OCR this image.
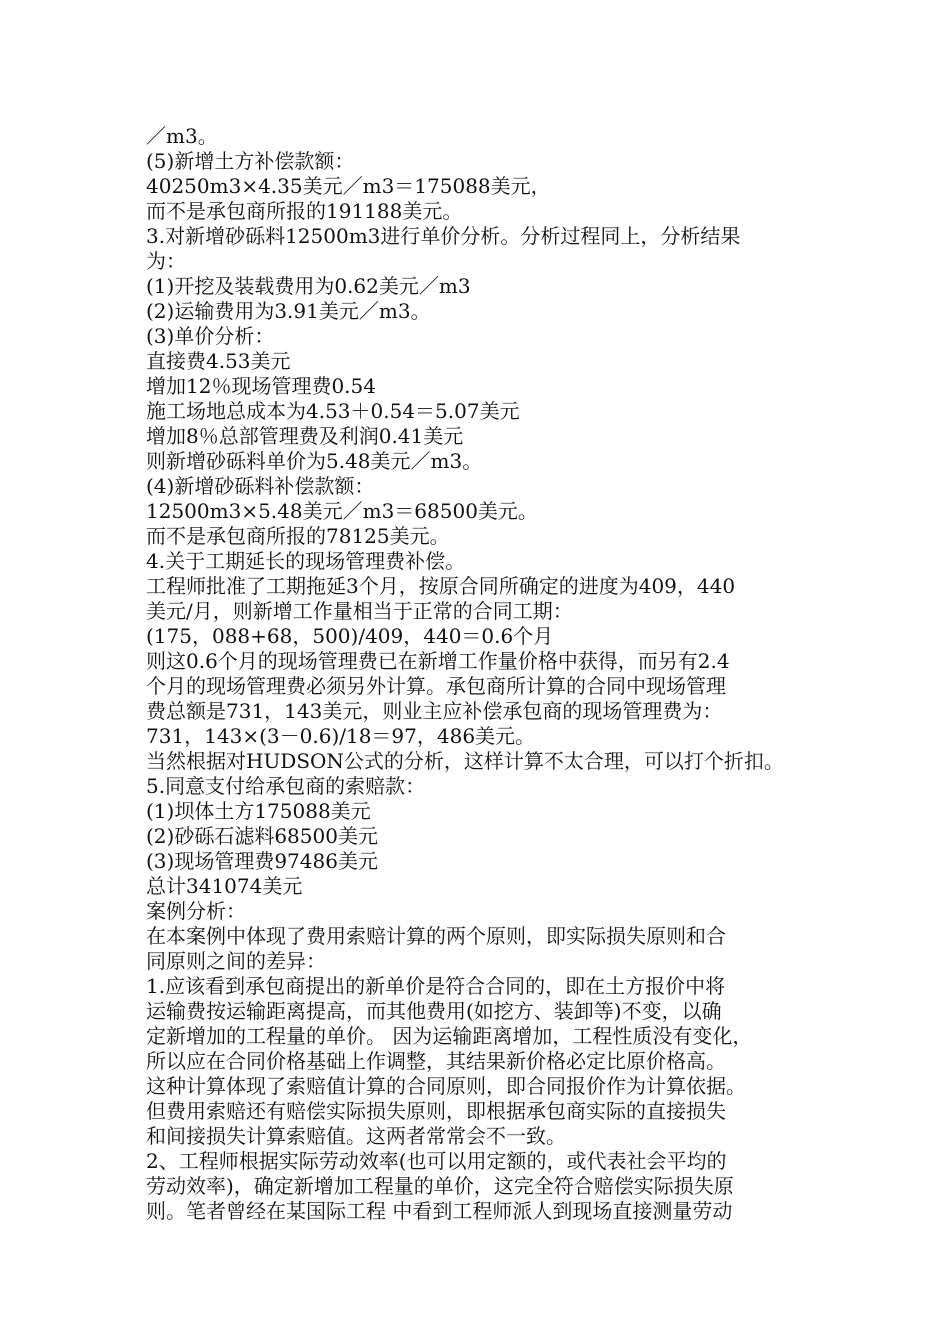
／m3。
(5)新增土方补偿款额：
40250m3×4.35美元／m3＝175088美元，
而不是承包商所报的191188美元。
3.对新增砂砾料12500m3进行单价分析。分析过程同上，分析结果
为：
(1)开挖及装载费用为0.62美元／m3
(2)运输费用为3.91美元／m3。
(3)单价分析：
直接费4.53美元
增加12％现场管理费0.54
施工场地总成本为4.53＋0.54＝5.07美元
增加8％总部管理费及利润0.41美元
则新增砂砾料单价为5.48美元／m3。
(4)新增砂砾料补偿款额：
12500m3×5.48美元／m3＝68500美元。
而不是承包商所报的78125美元。
4.关于工期延长的现场管理费补偿。
工程师批准了工期拖延3个月，按原合同所确定的进度为409，440
美元/月，则新增工作量相当于正常的合同工期：
(175，088+68，500)/409，440＝0.6个月
则这0.6个月的现场管理费已在新增工作量价格中获得，而另有2.4
个月的现场管理费必须另外计算。承包商所计算的合同中现场管理
费总额是731，143美元，则业主应补偿承包商的现场管理费为：
731，143×(3－0.6)/18＝97，486美元。
当然根据对HUDSON公式的分析，这样计算不太合理，可以打个折扣。
5.同意支付给承包商的索赔款：
(1)坝体土方175088美元
(2)砂砾石滤料68500美元
(3)现场管理费97486美元
总计341074美元
案例分析：
在本案例中体现了费用索赔计算的两个原则，即实际损失原则和合
同原则之间的差异：
1.应该看到承包商提出的新单价是符合合同的，即在土方报价中将
运输费按运输距离提高，而其他费用(如挖方、装卸等)不变，以确
定新增加的工程量的单价。 因为运输距离增加，工程性质没有变化，
所以应在合同价格基础上作调整，其结果新价格必定比原价格高。
这种计算体现了索赔值计算的合同原则，即合同报价作为计算依据。
但费用索赔还有赔偿实际损失原则，即根据承包商实际的直接损失
和间接损失计算索赔值。这两者常常会不一致。
2、工程师根据实际劳动效率(也可以用定额的，或代表社会平均的
劳动效率)，确定新增加工程量的单价，这完全符合赔偿实际损失原
则。笔者曾经在某国际工程 中看到工程师派人到现场直接测量劳动
